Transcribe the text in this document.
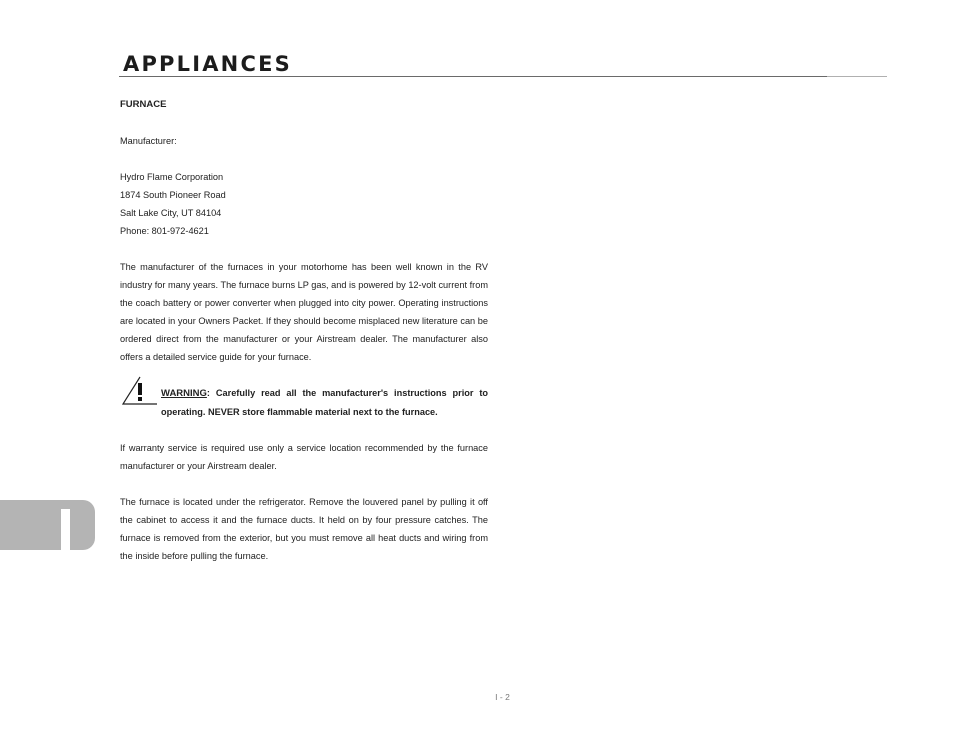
APPLIANCES
FURNACE
Manufacturer:
Hydro Flame Corporation
1874 South Pioneer Road
Salt Lake City, UT 84104
Phone: 801-972-4621
The manufacturer of the furnaces in your motorhome has been well known in the RV industry for many years. The furnace burns LP gas, and is powered by 12-volt current from the coach battery or power converter when plugged into city power. Operating instructions are located in your Owners Packet. If they should become misplaced new literature can be ordered direct from the manufacturer or your Airstream dealer. The manufacturer also offers a detailed service guide for your furnace.
WARNING: Carefully read all the manufacturer's instructions prior to operating. NEVER store flammable material next to the furnace.
If warranty service is required use only a service location recommended by the furnace manufacturer or your Airstream dealer.
The furnace is located under the refrigerator. Remove the louvered panel by pulling it off the cabinet to access it and the furnace ducts. It held on by four pressure catches. The furnace is removed from the exterior, but you must remove all heat ducts and wiring from the inside before pulling the furnace.
I - 2
